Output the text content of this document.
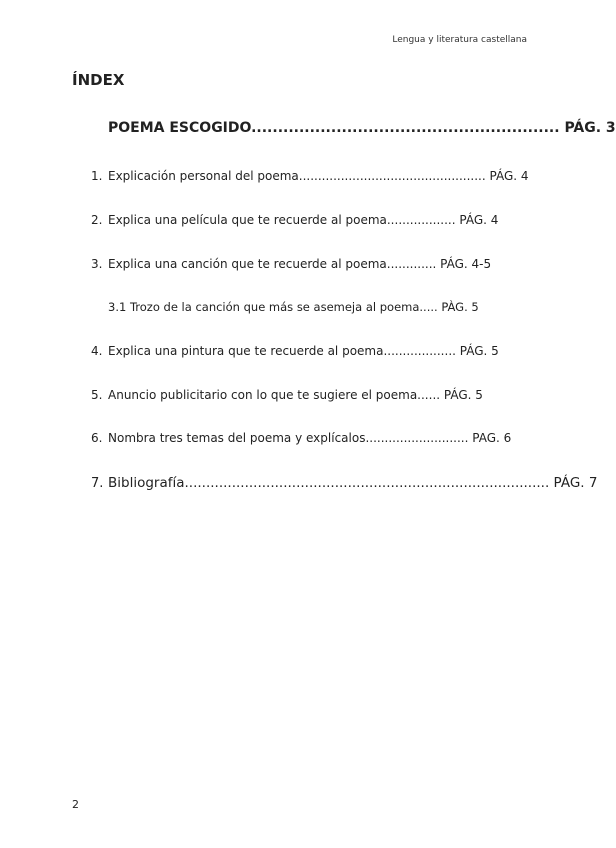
Lengua y literatura castellana
ÍNDEX
POEMA ESCOGIDO.......................................................... PÁG. 3
1. Explicación personal del poema................................................. PÁG. 4
2. Explica una película que te recuerde al poema.................. PÁG. 4
3. Explica una canción que te recuerde al poema............. PÁG. 4-5
3.1 Trozo de la canción que más se asemeja al poema..... PÀG. 5
4. Explica una pintura que te recuerde al poema................... PÁG. 5
5. Anuncio publicitario con lo que te sugiere el poema...... PÁG. 5
6. Nombra tres temas del poema y explícalos........................... PAG. 6
7. Bibliografía..................................................................................... PÁG. 7
2
